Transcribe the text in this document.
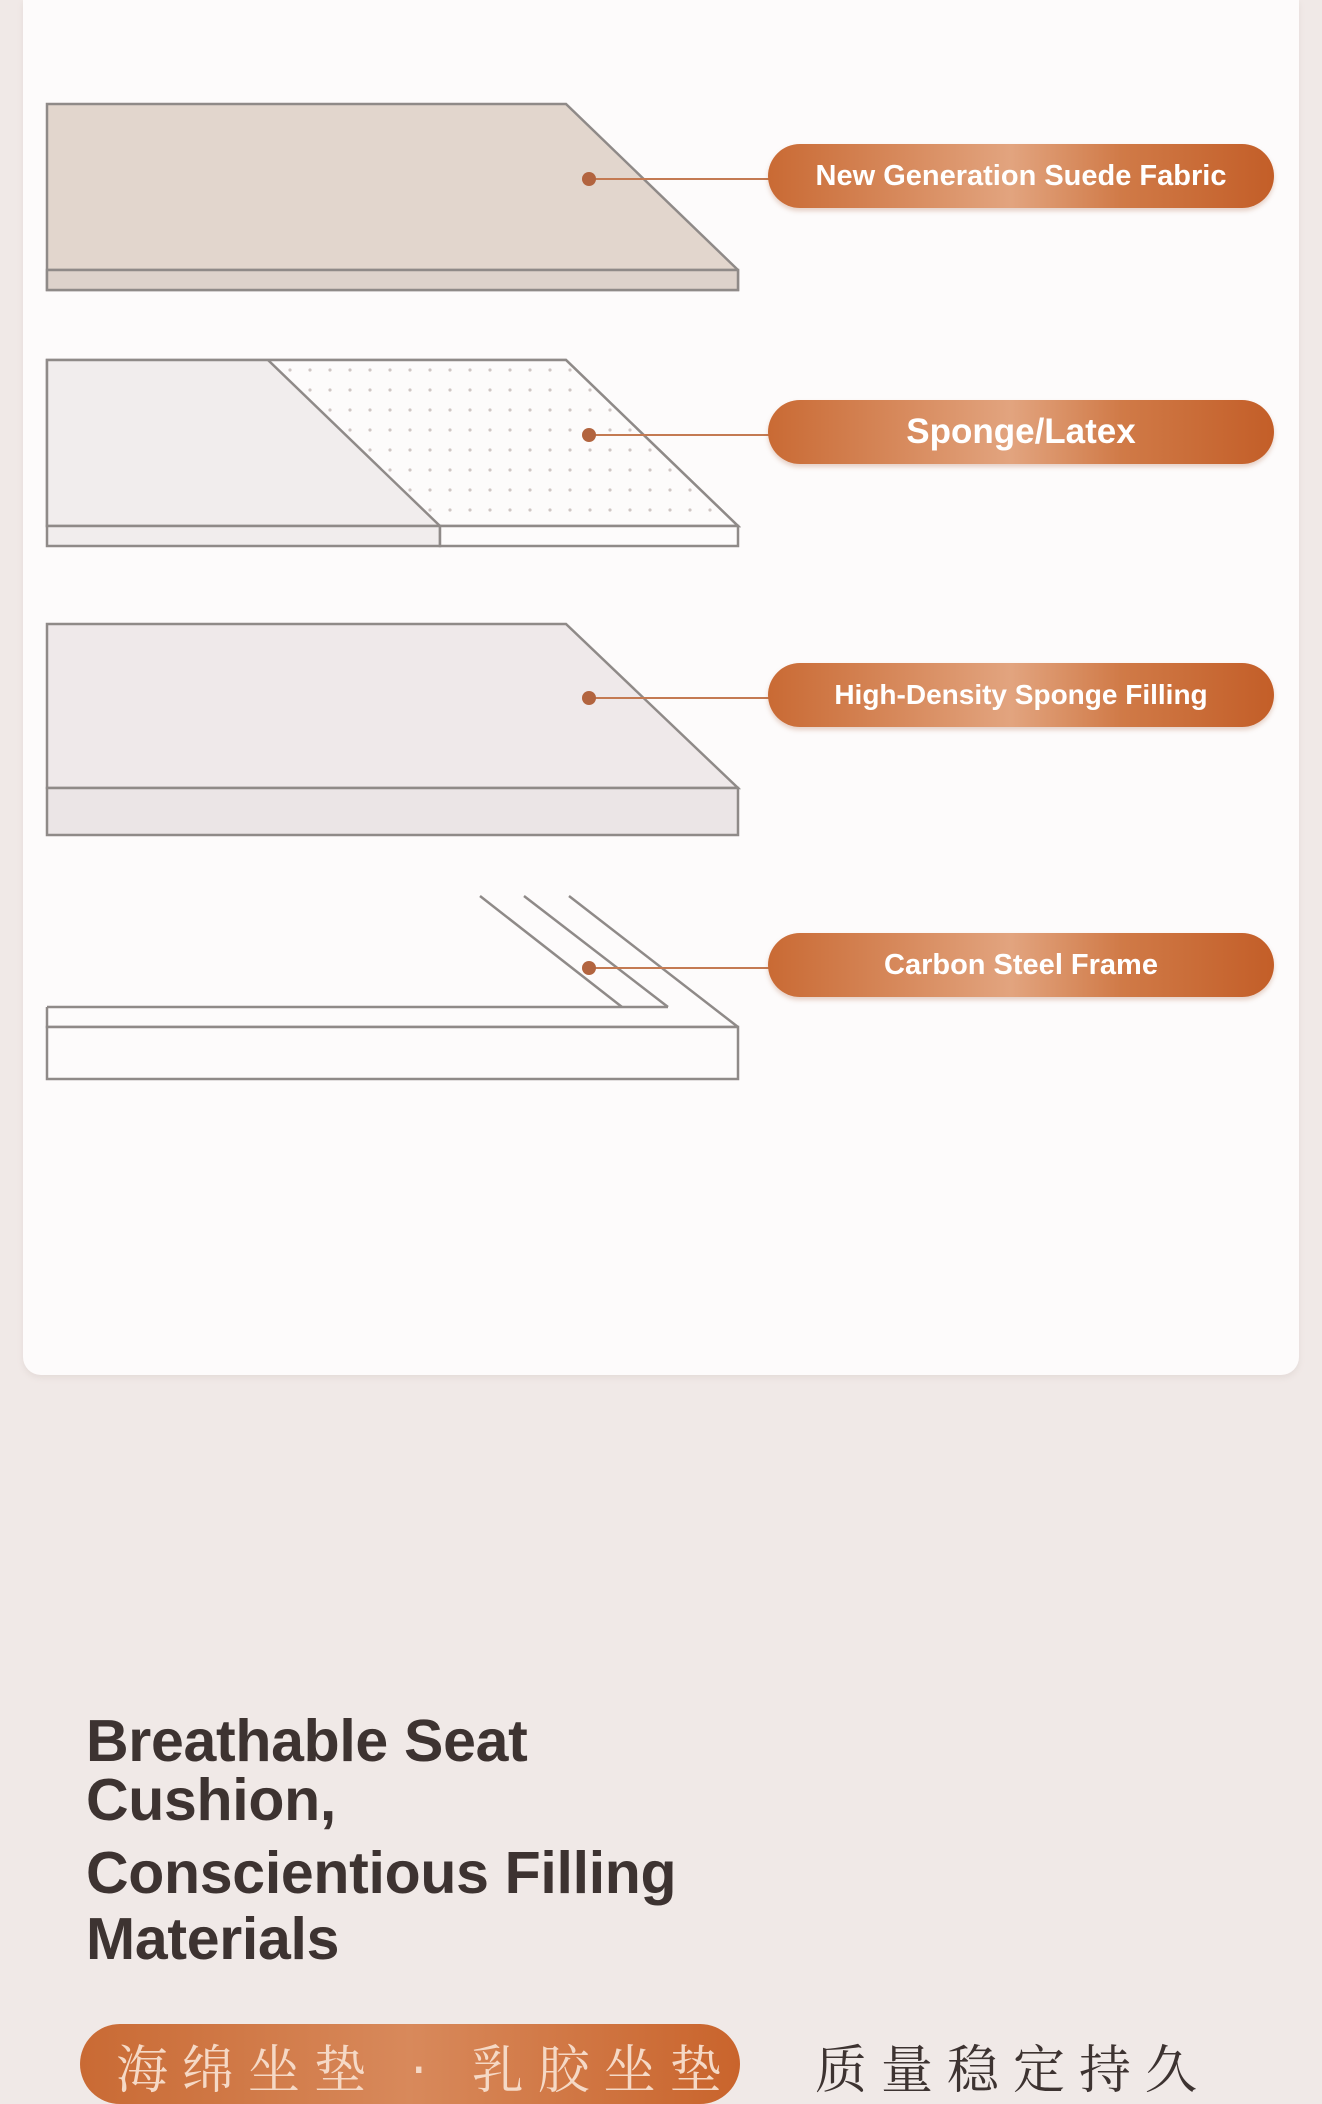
New Generation Suede Fabric
Sponge/Latex
High-Density Sponge Filling
Carbon Steel Frame
Breathable Seat
Cushion,
Conscientious Filling
Materials
海绵坐垫 · 乳胶坐垫 质量稳定持久
